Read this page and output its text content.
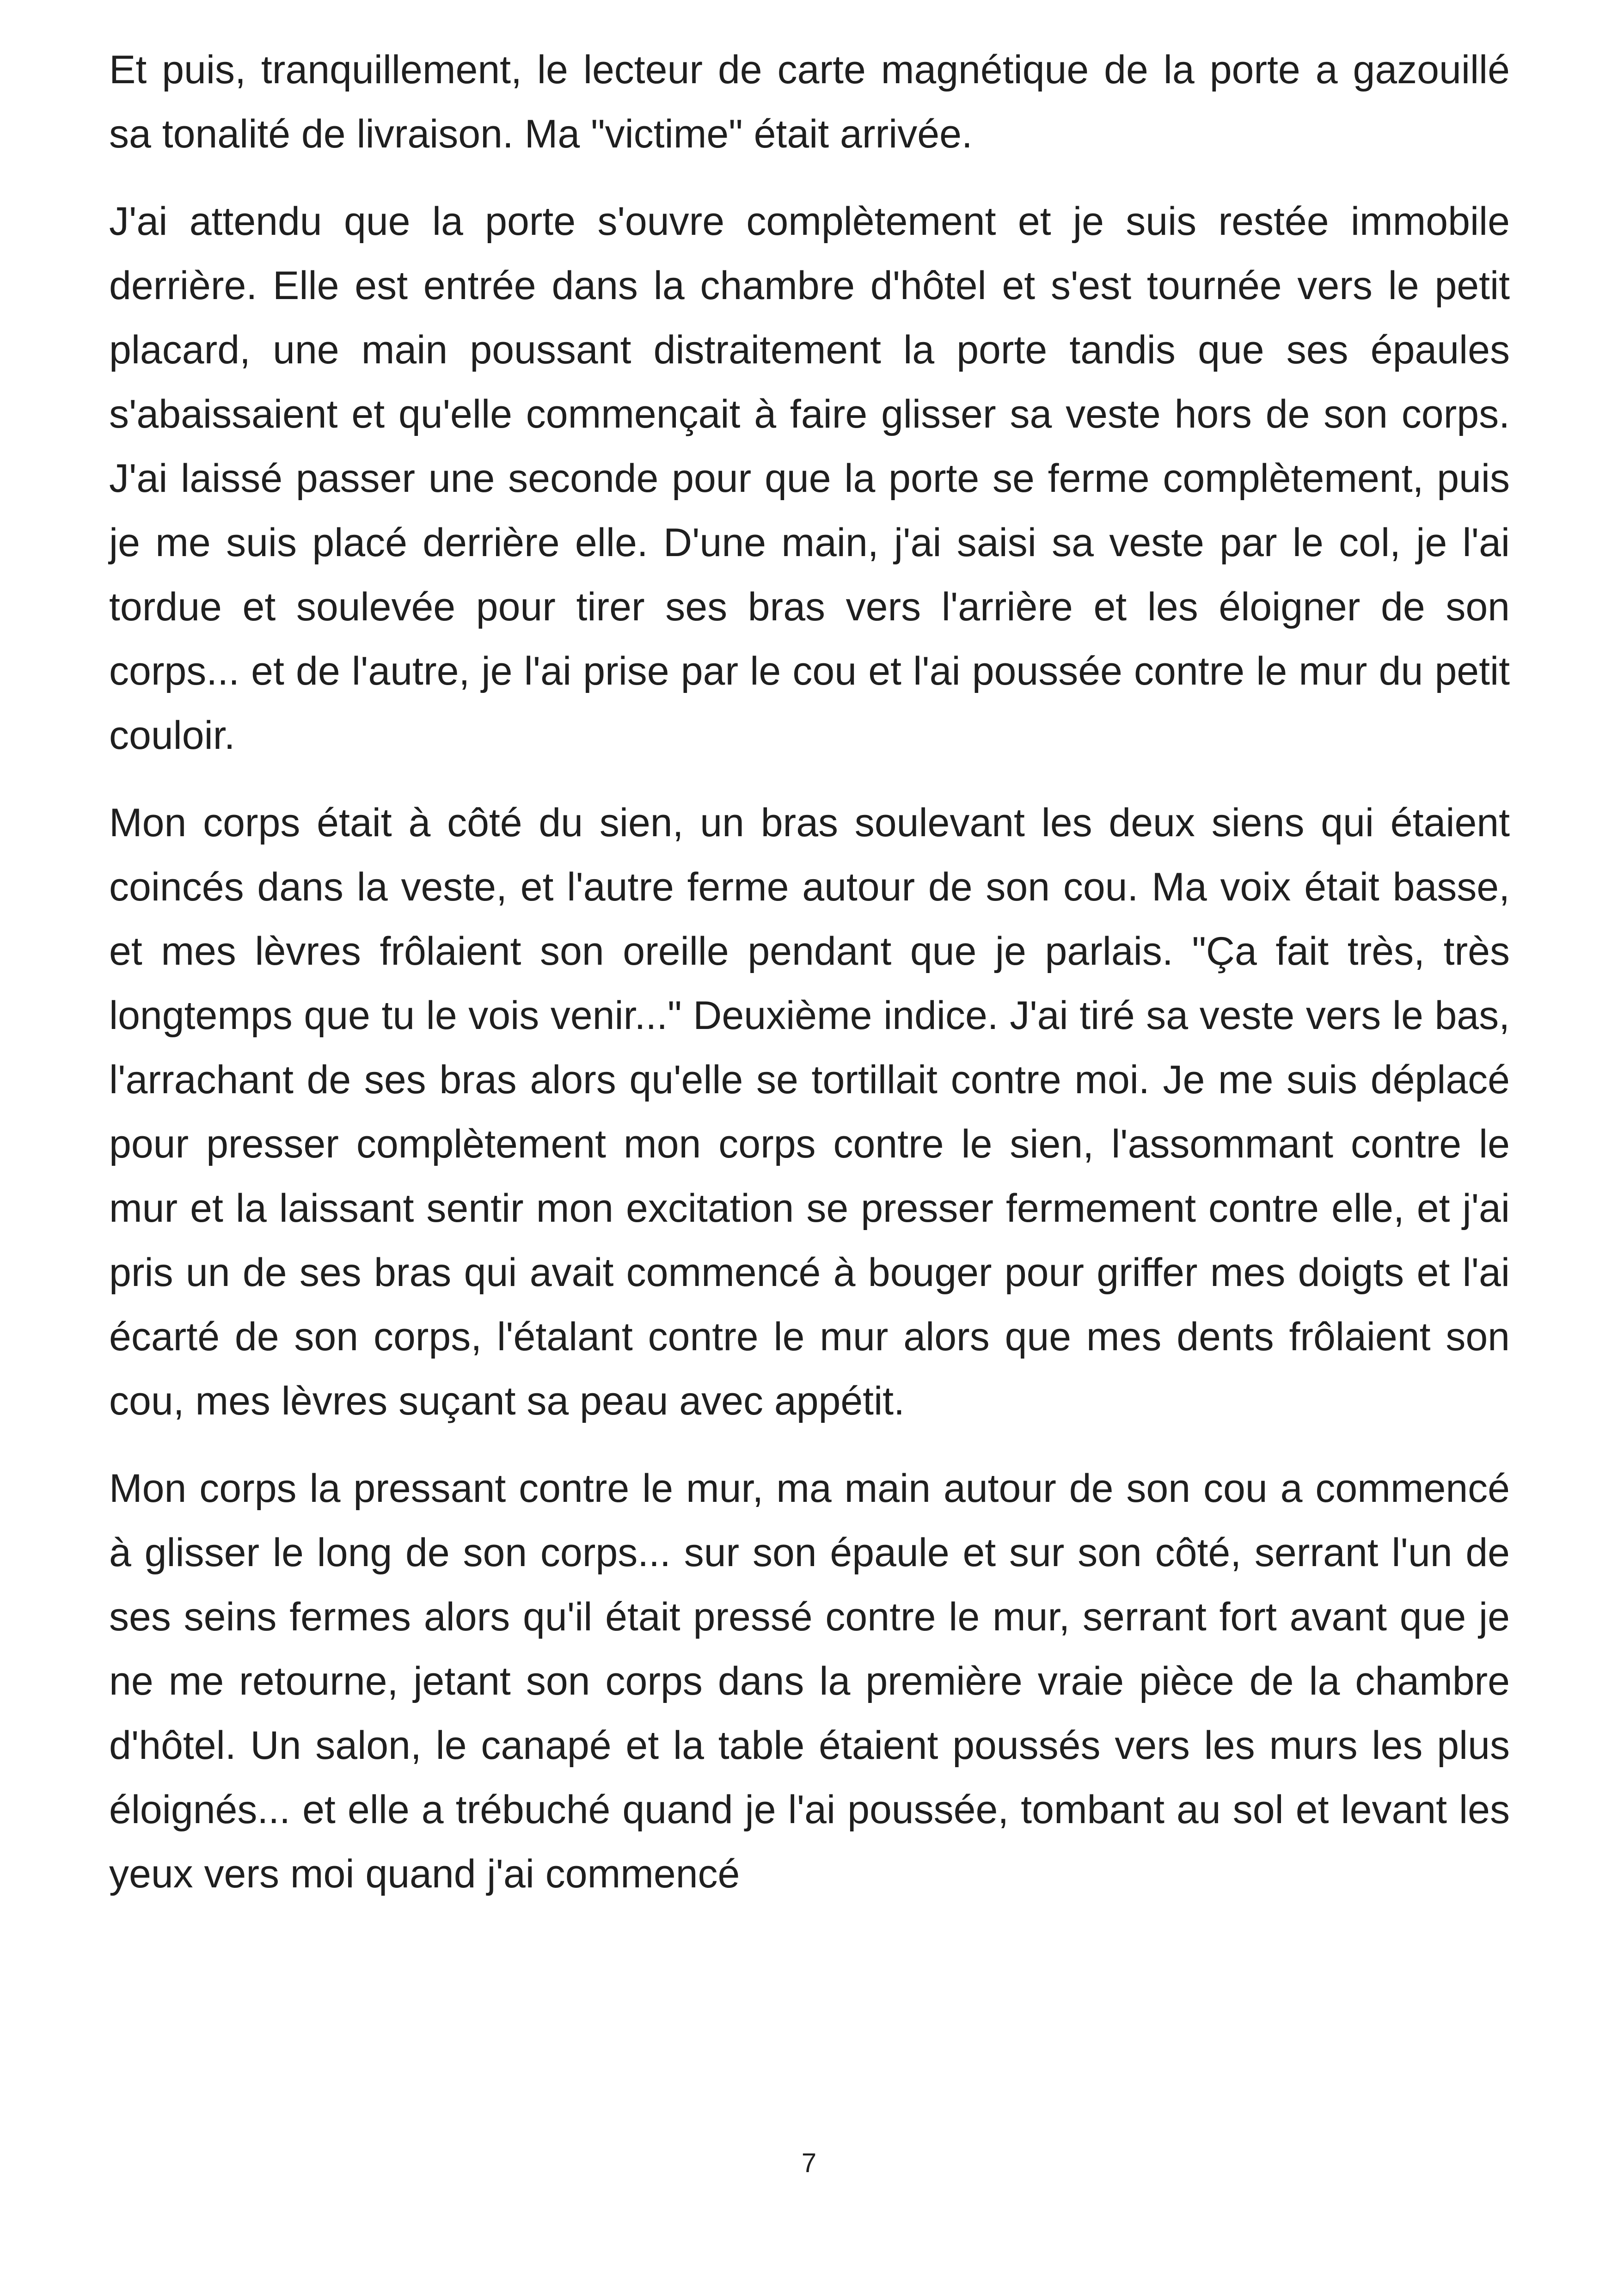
Et puis, tranquillement, le lecteur de carte magnétique de la porte a gazouillé sa tonalité de livraison. Ma "victime" était arrivée.

J'ai attendu que la porte s'ouvre complètement et je suis restée immobile derrière. Elle est entrée dans la chambre d'hôtel et s'est tournée vers le petit placard, une main poussant distraitement la porte tandis que ses épaules s'abaissaient et qu'elle commençait à faire glisser sa veste hors de son corps. J'ai laissé passer une seconde pour que la porte se ferme complètement, puis je me suis placé derrière elle. D'une main, j'ai saisi sa veste par le col, je l'ai tordue et soulevée pour tirer ses bras vers l'arrière et les éloigner de son corps... et de l'autre, je l'ai prise par le cou et l'ai poussée contre le mur du petit couloir.

Mon corps était à côté du sien, un bras soulevant les deux siens qui étaient coincés dans la veste, et l'autre ferme autour de son cou. Ma voix était basse, et mes lèvres frôlaient son oreille pendant que je parlais. "Ça fait très, très longtemps que tu le vois venir..." Deuxième indice. J'ai tiré sa veste vers le bas, l'arrachant de ses bras alors qu'elle se tortillait contre moi. Je me suis déplacé pour presser complètement mon corps contre le sien, l'assommant contre le mur et la laissant sentir mon excitation se presser fermement contre elle, et j'ai pris un de ses bras qui avait commencé à bouger pour griffer mes doigts et l'ai écarté de son corps, l'étalant contre le mur alors que mes dents frôlaient son cou, mes lèvres suçant sa peau avec appétit.

Mon corps la pressant contre le mur, ma main autour de son cou a commencé à glisser le long de son corps... sur son épaule et sur son côté, serrant l'un de ses seins fermes alors qu'il était pressé contre le mur, serrant fort avant que je ne me retourne, jetant son corps dans la première vraie pièce de la chambre d'hôtel. Un salon, le canapé et la table étaient poussés vers les murs les plus éloignés... et elle a trébuché quand je l'ai poussée, tombant au sol et levant les yeux vers moi quand j'ai commencé

7
